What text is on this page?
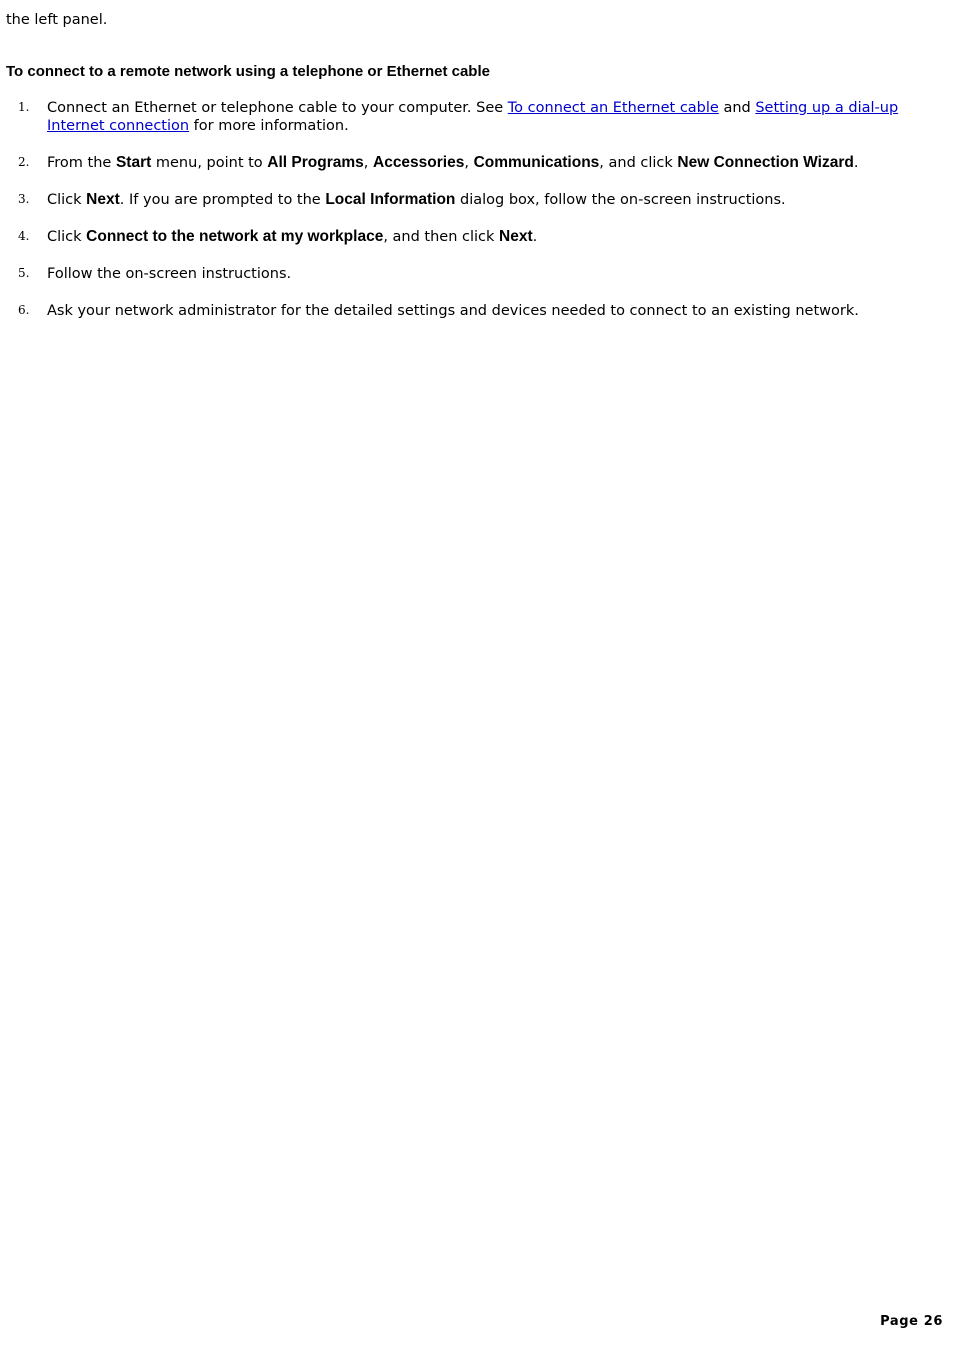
the left panel.

To connect to a remote network using a telephone or Ethernet cable
1. Connect an Ethernet or telephone cable to your computer. See To connect an Ethernet cable and Setting up a dial-up Internet connection for more information.
2. From the Start menu, point to All Programs, Accessories, Communications, and click New Connection Wizard.
3. Click Next. If you are prompted to the Local Information dialog box, follow the on-screen instructions.
4. Click Connect to the network at my workplace, and then click Next.
5. Follow the on-screen instructions.
6. Ask your network administrator for the detailed settings and devices needed to connect to an existing network.
Page 26
